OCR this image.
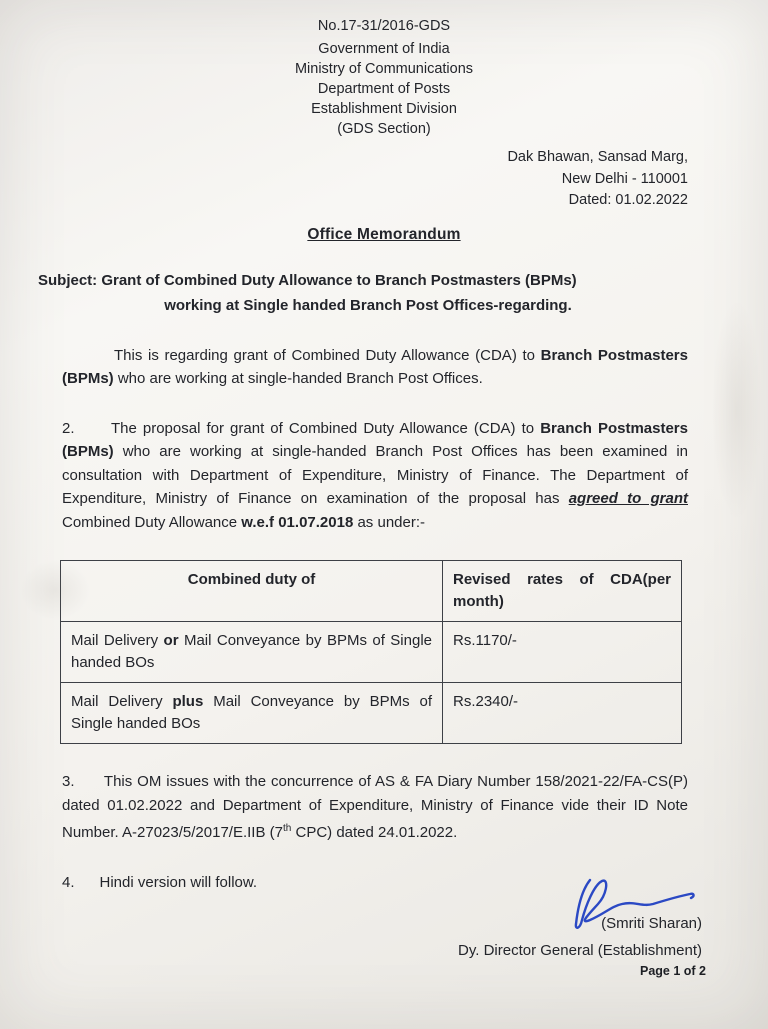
No.17-31/2016-GDS
Government of India
Ministry of Communications
Department of Posts
Establishment Division
(GDS Section)
Dak Bhawan, Sansad Marg,
New Delhi - 110001
Dated: 01.02.2022
Office Memorandum
Subject: Grant of Combined Duty Allowance to Branch Postmasters (BPMs)
working at Single handed Branch Post Offices-regarding.

This is regarding grant of Combined Duty Allowance (CDA) to Branch Postmasters (BPMs) who are working at single-handed Branch Post Offices.

2.      The proposal for grant of Combined Duty Allowance (CDA) to Branch Postmasters (BPMs) who are working at single-handed Branch Post Offices has been examined in consultation with Department of Expenditure, Ministry of Finance. The Department of Expenditure, Ministry of Finance on examination of the proposal has agreed to grant Combined Duty Allowance w.e.f 01.07.2018 as under:-

Combined duty of	Revised rates of CDA(per month)
Mail Delivery or Mail Conveyance by BPMs of Single handed BOs	Rs.1170/-
Mail Delivery plus Mail Conveyance by BPMs of Single handed BOs	Rs.2340/-

3.      This OM issues with the concurrence of AS & FA Diary Number 158/2021-22/FA-CS(P) dated 01.02.2022 and Department of Expenditure, Ministry of Finance vide their ID Note Number. A-27023/5/2017/E.IIB (7th CPC) dated 24.01.2022.

4.      Hindi version will follow.

(Smriti Sharan)
Dy. Director General (Establishment)
Page 1 of 2
